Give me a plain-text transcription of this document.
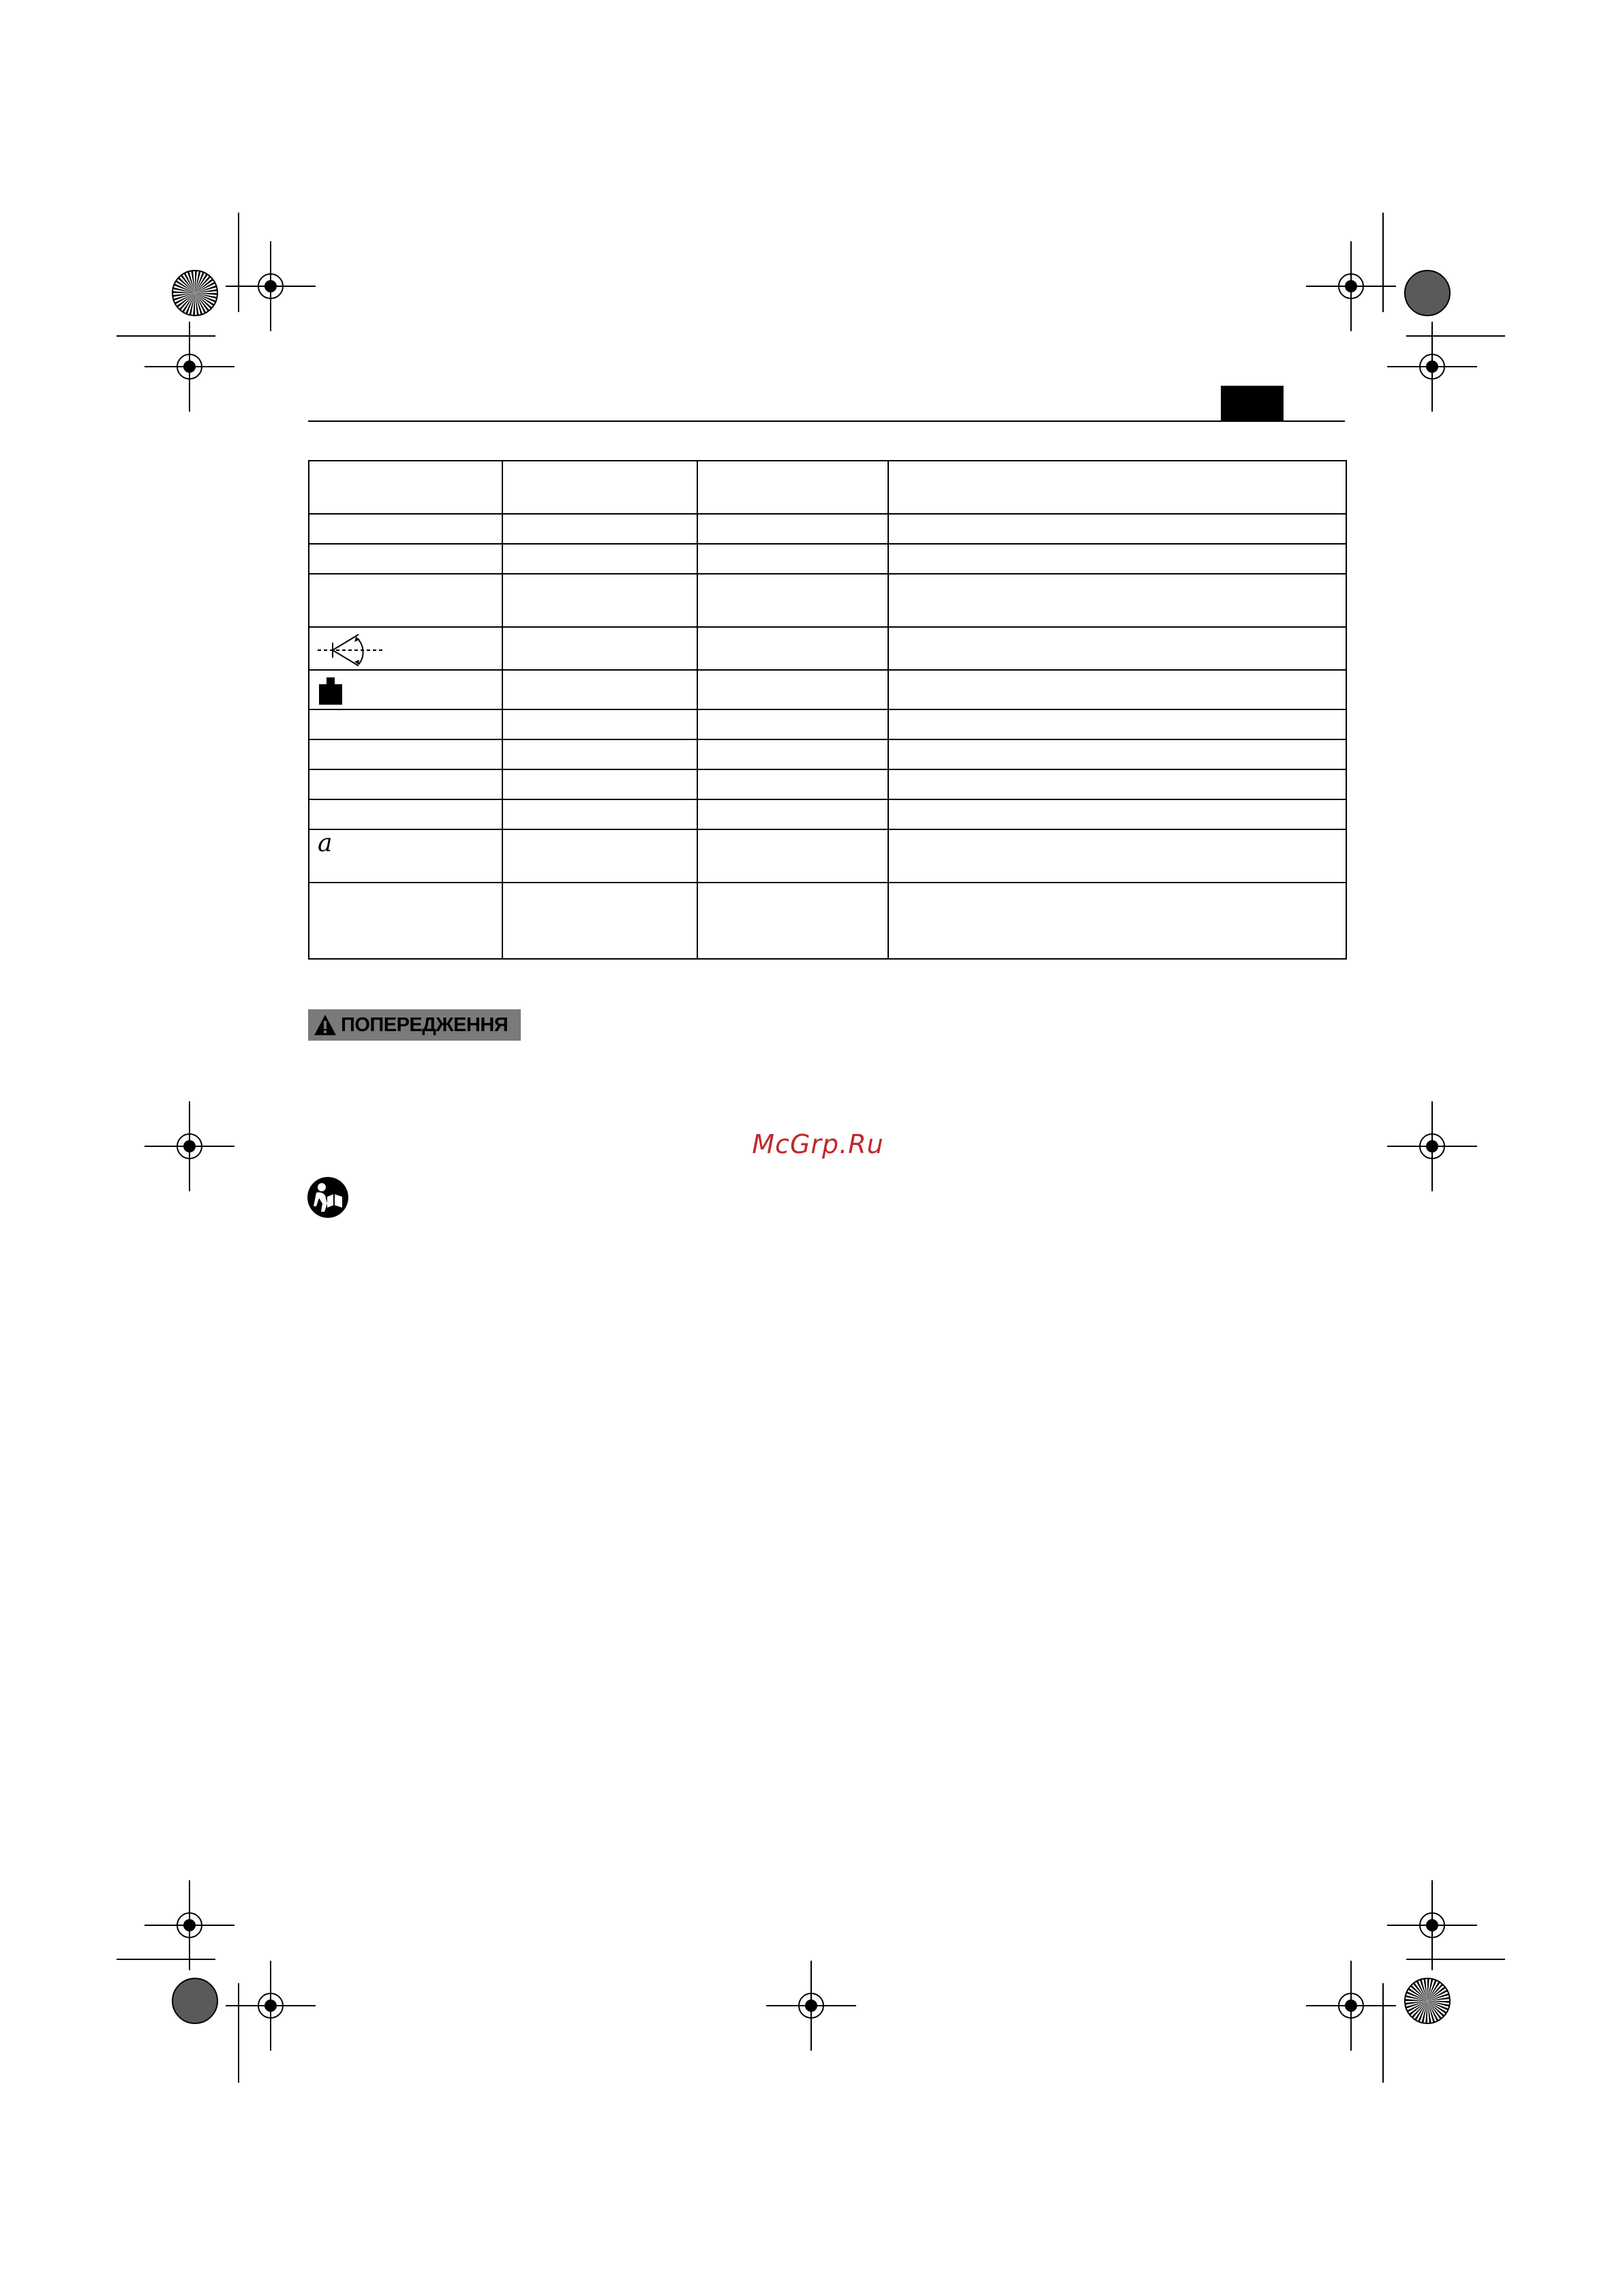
a			

ПОПЕРЕДЖЕННЯ
McGrp.Ru
